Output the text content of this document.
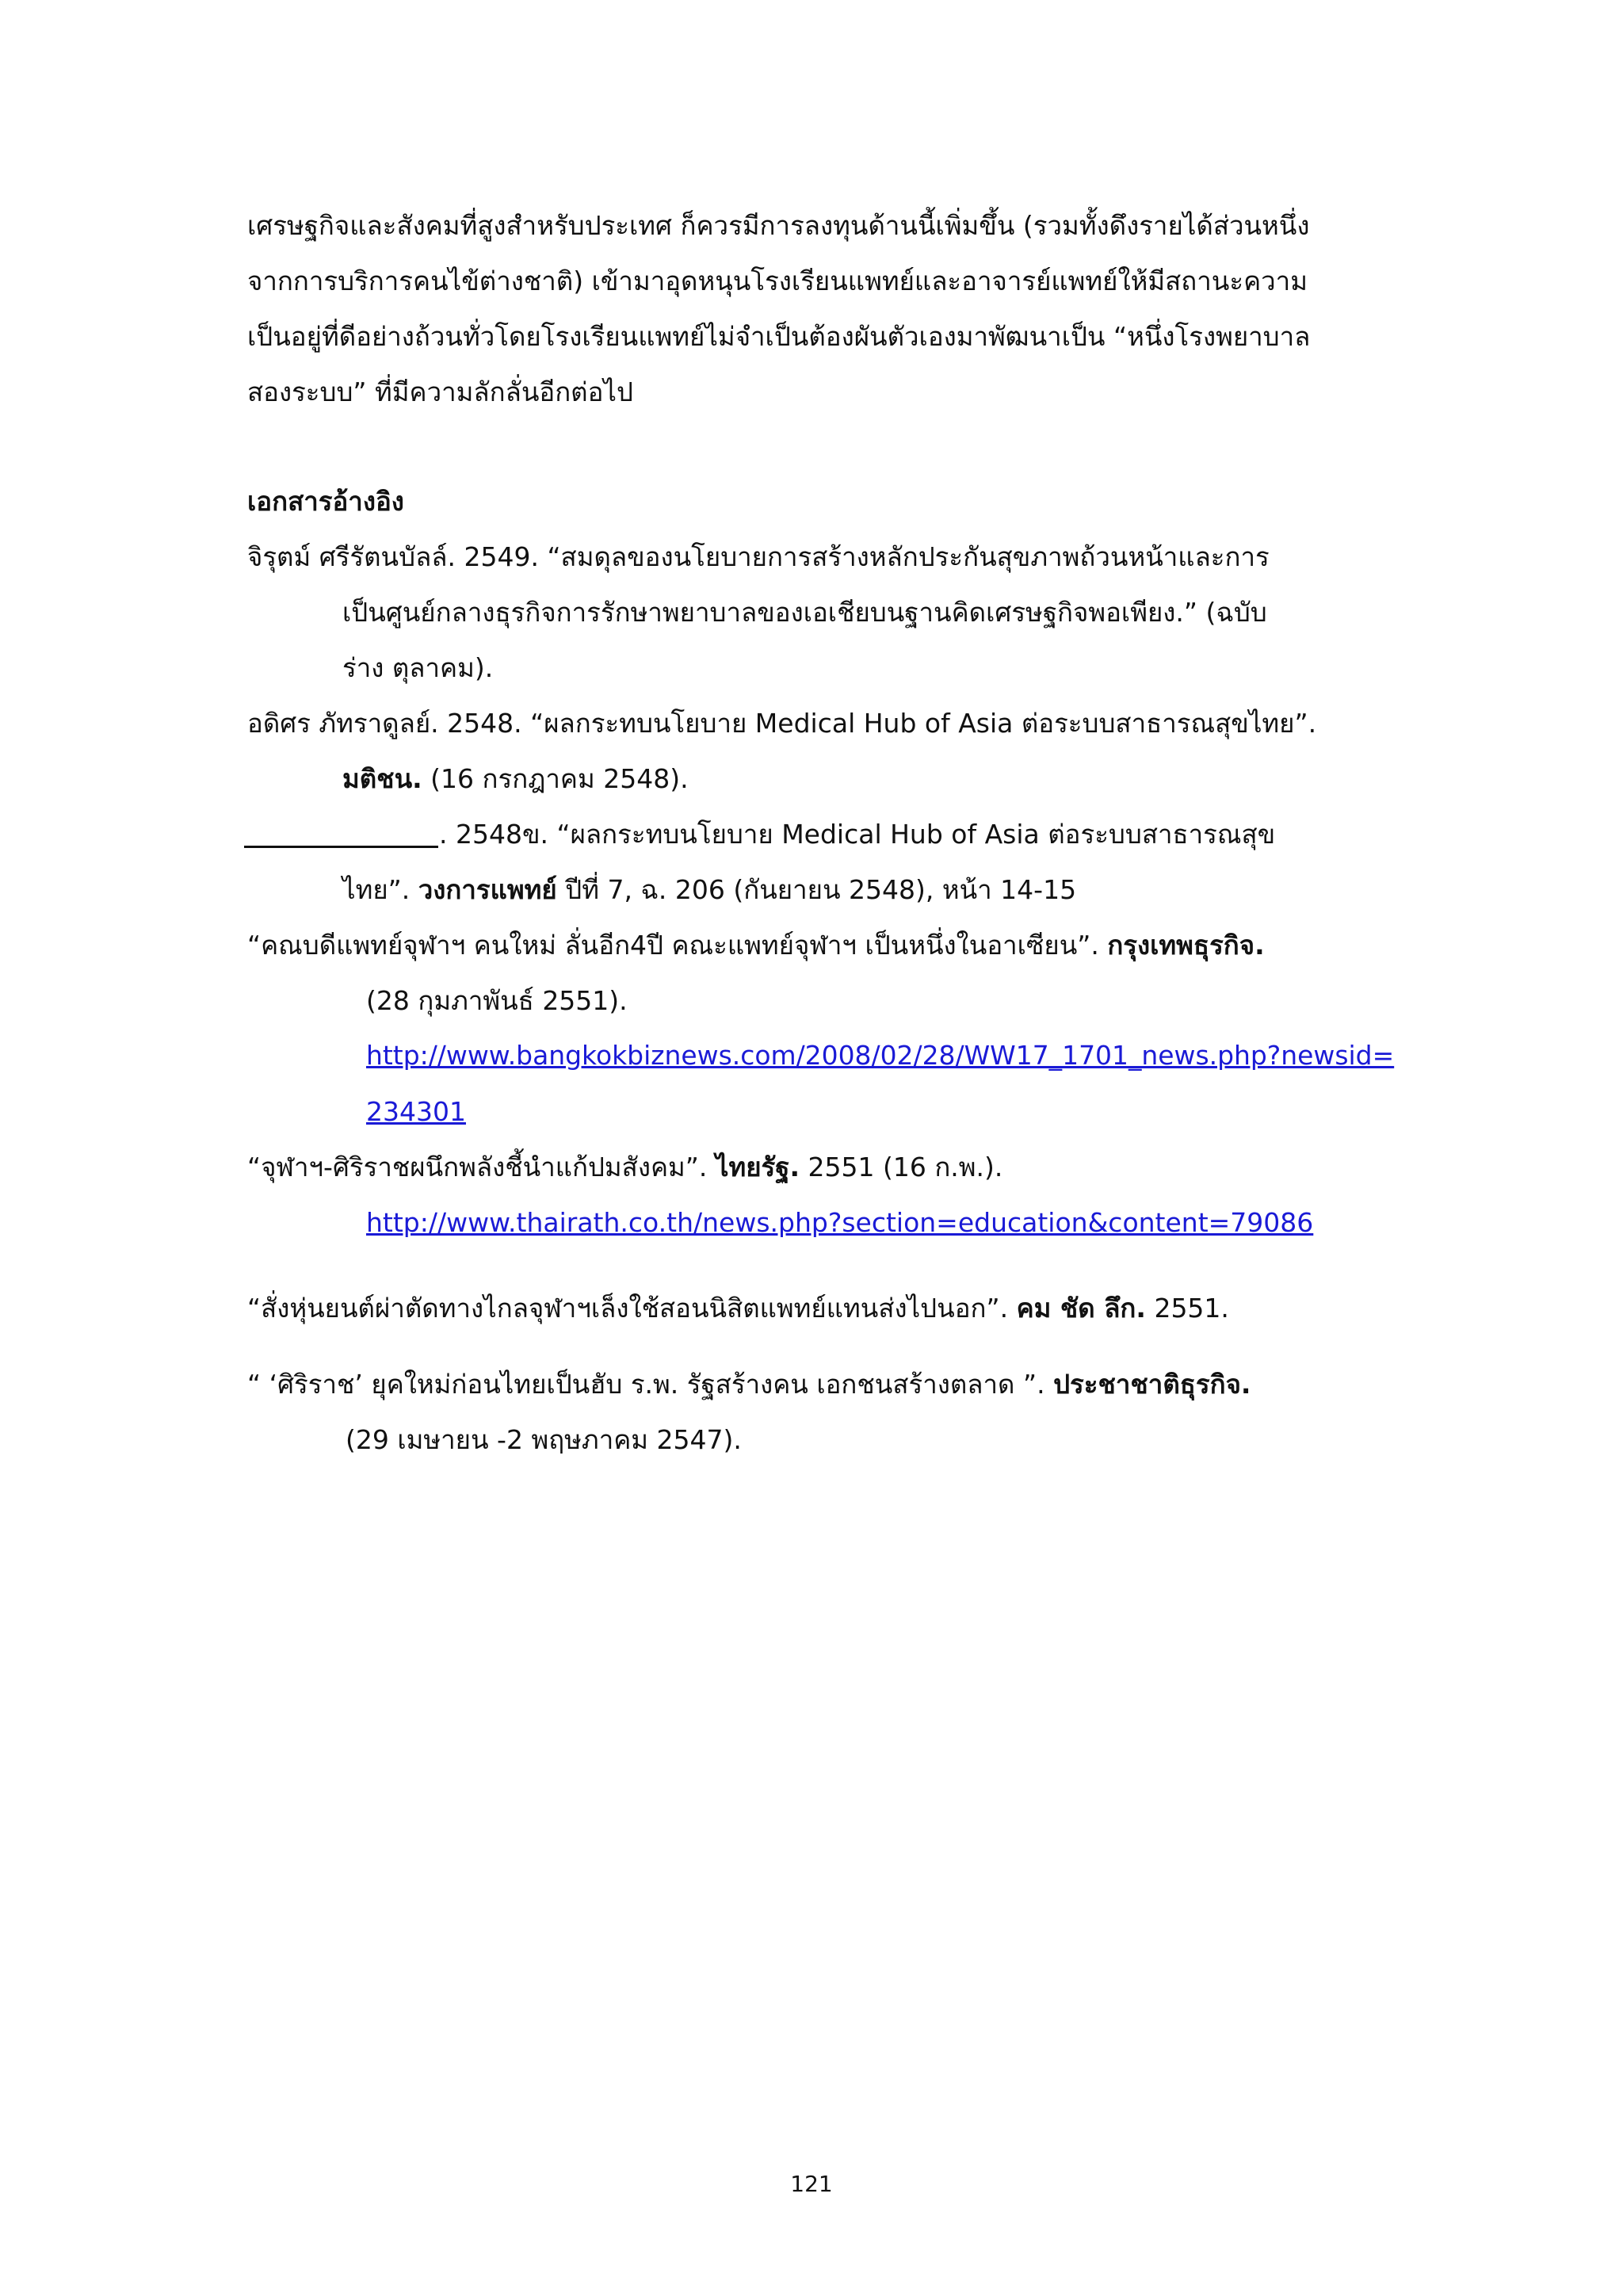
เศรษฐกิจและสังคมที่สูงสำหรับประเทศ ก็ควรมีการลงทุนด้านนี้เพิ่มขึ้น (รวมทั้งดึงรายได้ส่วนหนึ่ง
จากการบริการคนไข้ต่างชาติ) เข้ามาอุดหนุนโรงเรียนแพทย์และอาจารย์แพทย์ให้มีสถานะความ
เป็นอยู่ที่ดีอย่างถ้วนทั่วโดยโรงเรียนแพทย์ไม่จำเป็นต้องผันตัวเองมาพัฒนาเป็น “หนึ่งโรงพยาบาล
สองระบบ” ที่มีความลักลั่นอีกต่อไป
เอกสารอ้างอิง
จิรุตม์ ศรีรัตนบัลล์. 2549. “สมดุลของนโยบายการสร้างหลักประกันสุขภาพถ้วนหน้าและการ
เป็นศูนย์กลางธุรกิจการรักษาพยาบาลของเอเชียบนฐานคิดเศรษฐกิจพอเพียง.” (ฉบับ
ร่าง ตุลาคม).
อดิศร ภัทราดูลย์. 2548. “ผลกระทบนโยบาย Medical Hub of Asia ต่อระบบสาธารณสุขไทย”.
มติชน. (16 กรกฎาคม 2548).
. 2548ข. “ผลกระทบนโยบาย Medical Hub of Asia ต่อระบบสาธารณสุข
ไทย”. วงการแพทย์ ปีที่ 7, ฉ. 206 (กันยายน 2548), หน้า 14-15
“คณบดีแพทย์จุฬาฯ คนใหม่ ลั่นอีก4ปี คณะแพทย์จุฬาฯ เป็นหนึ่งในอาเซียน”. กรุงเทพธุรกิจ.
(28 กุมภาพันธ์ 2551).
http://www.bangkokbiznews.com/2008/02/28/WW17_1701_news.php?newsid=
234301
“จุฬาฯ-ศิริราชผนึกพลังชี้นำแก้ปมสังคม”. ไทยรัฐ. 2551 (16 ก.พ.).
http://www.thairath.co.th/news.php?section=education&content=79086
“สั่งหุ่นยนต์ผ่าตัดทางไกลจุฬาฯเล็งใช้สอนนิสิตแพทย์แทนส่งไปนอก”. คม ชัด ลึก. 2551.
“ ‘ศิริราช’ ยุคใหม่ก่อนไทยเป็นฮับ ร.พ. รัฐสร้างคน เอกชนสร้างตลาด ”. ประชาชาติธุรกิจ.
(29 เมษายน -2 พฤษภาคม 2547).
121
